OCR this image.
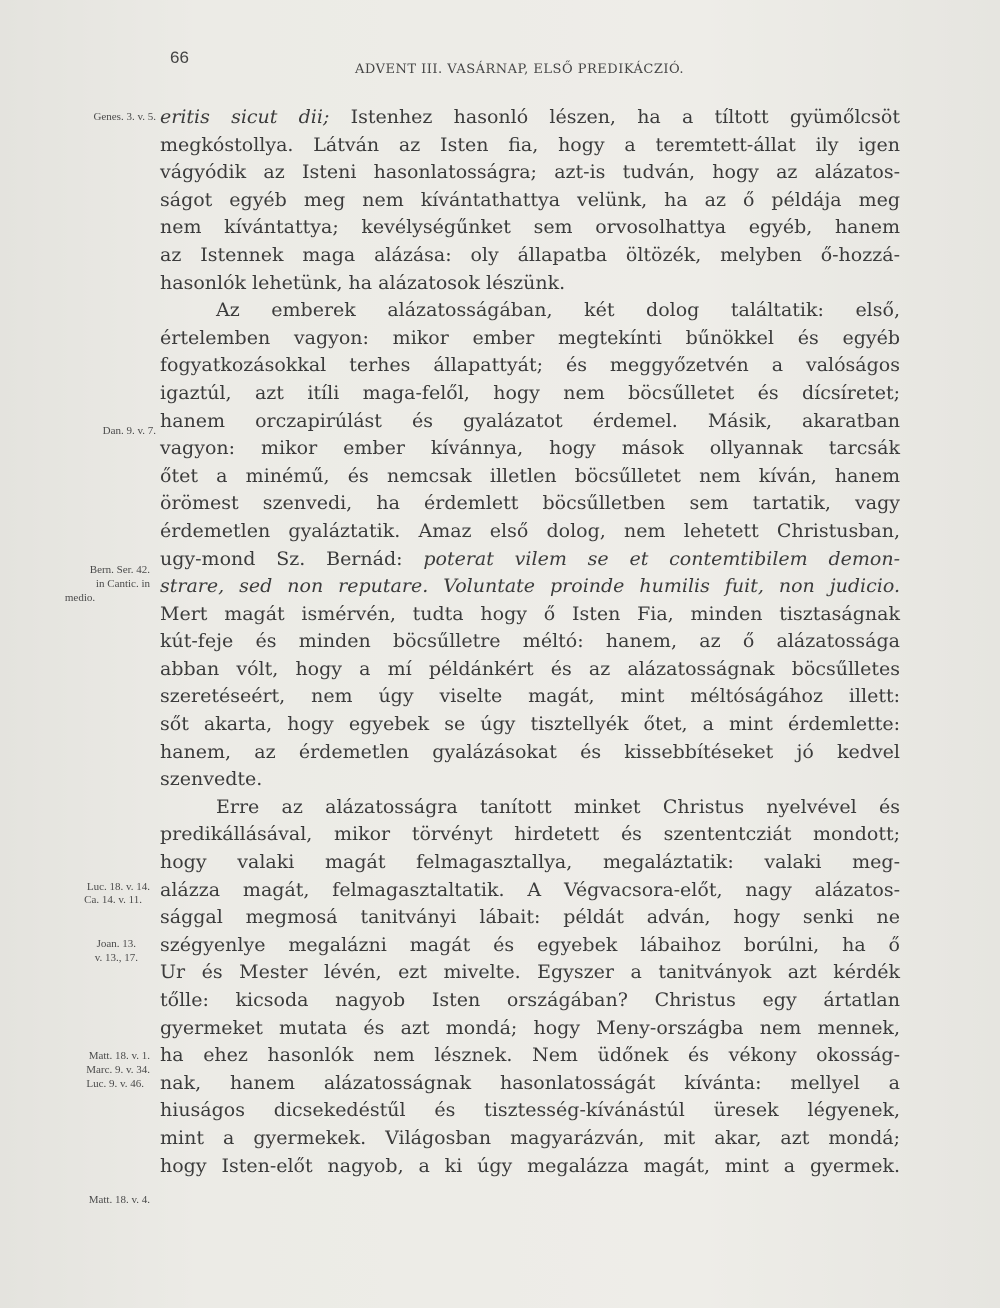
66
ADVENT III. VASÁRNAP, ELSŐ PREDIKÁCZIÓ.
Genes. 3. v. 5.
Dan. 9. v. 7.
Bern. Ser. 42.
in Cantic. in
medio.
Luc. 18. v. 14.
Ca. 14. v. 11.
Joan. 13.
v. 13., 17.
Matt. 18. v. 1.
Marc. 9. v. 34.
Luc. 9. v. 46.
Matt. 18. v. 4.
eritis sicut dii; Istenhez hasonló lészen, ha a tíltott gyümőlcsöt
megkóstollya. Látván az Isten fia, hogy a teremtett-állat ily igen
vágyódik az Isteni hasonlatosságra; azt-is tudván, hogy az alázatos-
ságot egyéb meg nem kívántathattya velünk, ha az ő példája meg
nem kívántattya; kevélységűnket sem orvosolhattya egyéb, hanem
az Istennek maga alázása: oly állapatba öltözék, melyben ő-hozzá-
hasonlók lehetünk, ha alázatosok lészünk.
Az emberek alázatosságában, két dolog találtatik: első,
értelemben vagyon: mikor ember megtekínti bűnökkel és egyéb
fogyatkozásokkal terhes állapattyát; és meggyőzetvén a valóságos
igaztúl, azt itíli maga-felől, hogy nem böcsűlletet és dícsíretet;
hanem orczapirúlást és gyalázatot érdemel. Másik, akaratban
vagyon: mikor ember kívánnya, hogy mások ollyannak tarcsák
őtet a minémű, és nemcsak illetlen böcsűlletet nem kíván, hanem
örömest szenvedi, ha érdemlett böcsűlletben sem tartatik, vagy
érdemetlen gyaláztatik. Amaz első dolog, nem lehetett Christusban,
ugy-mond Sz. Bernád: poterat vilem se et contemtibilem demon-
strare, sed non reputare. Voluntate proinde humilis fuit, non judicio.
Mert magát ismérvén, tudta hogy ő Isten Fia, minden tisztaságnak
kút-feje és minden böcsűlletre méltó: hanem, az ő alázatossága
abban vólt, hogy a mí példánkért és az alázatosságnak böcsűlletes
szeretéseért, nem úgy viselte magát, mint méltóságához illett:
sőt akarta, hogy egyebek se úgy tisztellyék őtet, a mint érdemlette:
hanem, az érdemetlen gyalázásokat és kissebbítéseket jó kedvel
szenvedte.
Erre az alázatosságra tanított minket Christus nyelvével és
predikállásával, mikor törvényt hirdetett és szententcziát mondott;
hogy valaki magát felmagasztallya, megaláztatik: valaki meg-
alázza magát, felmagasztaltatik. A Végvacsora-előt, nagy alázatos-
sággal megmosá tanitványi lábait: példát adván, hogy senki ne
szégyenlye megalázni magát és egyebek lábaihoz borúlni, ha ő
Ur és Mester lévén, ezt mivelte. Egyszer a tanitványok azt kérdék
tőlle: kicsoda nagyob Isten országában? Christus egy ártatlan
gyermeket mutata és azt mondá; hogy Meny-országba nem mennek,
ha ehez hasonlók nem lésznek. Nem üdőnek és vékony okosság-
nak, hanem alázatosságnak hasonlatosságát kívánta: mellyel a
hiuságos dicsekedéstűl és tisztesség-kívánástúl üresek légyenek,
mint a gyermekek. Világosban magyarázván, mit akar, azt mondá;
hogy Isten-előt nagyob, a ki úgy megalázza magát, mint a gyermek.
